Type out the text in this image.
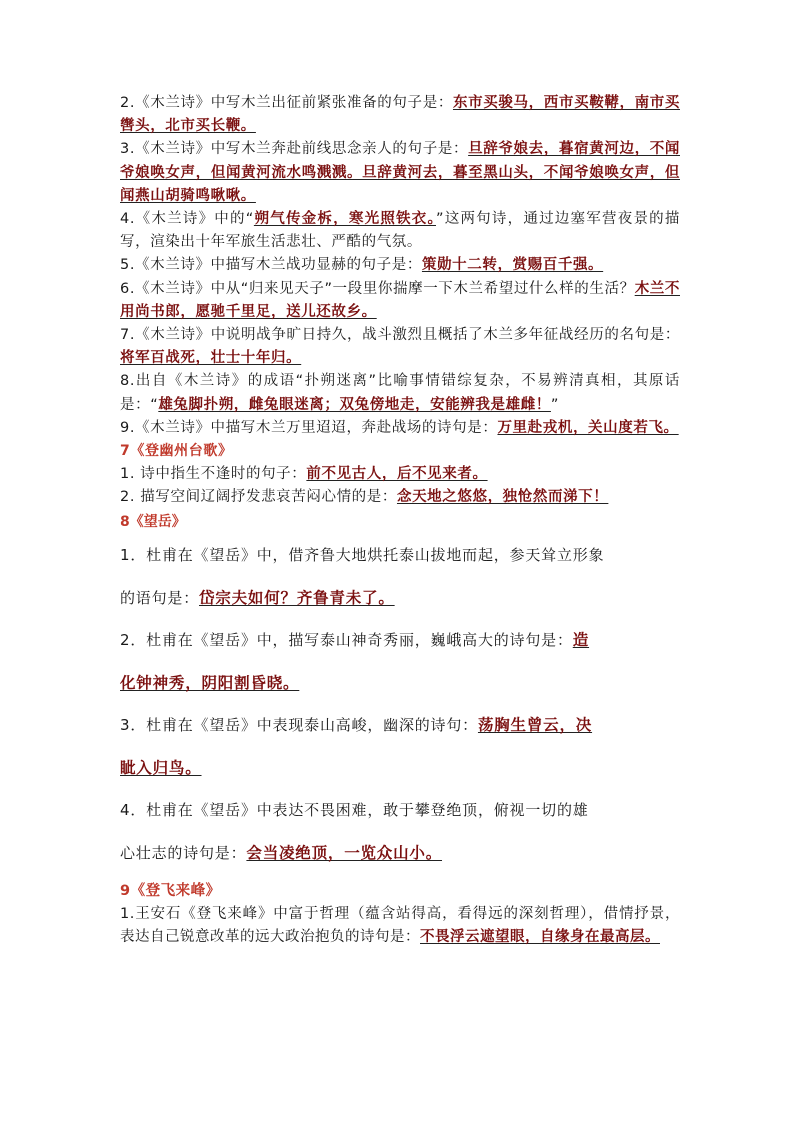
2.《木兰诗》中写木兰出征前紧张准备的句子是：东市买骏马，西市买鞍鞯，南市买辔头，北市买长鞭。

3.《木兰诗》中写木兰奔赴前线思念亲人的句子是：旦辞爷娘去，暮宿黄河边，不闻爷娘唤女声，但闻黄河流水鸣溅溅。旦辞黄河去，暮至黑山头，不闻爷娘唤女声，但闻燕山胡骑鸣啾啾。

4.《木兰诗》中的“朔气传金柝，寒光照铁衣。”这两句诗，通过边塞军营夜景的描写，渲染出十年军旅生活悲壮、严酷的气氛。

5.《木兰诗》中描写木兰战功显赫的句子是：策勋十二转，赏赐百千强。

6.《木兰诗》中从“归来见天子”一段里你揣摩一下木兰希望过什么样的生活？木兰不用尚书郎，愿驰千里足，送儿还故乡。

7.《木兰诗》中说明战争旷日持久，战斗激烈且概括了木兰多年征战经历的名句是：将军百战死，壮士十年归。

8.出自《木兰诗》的成语“扑朔迷离”比喻事情错综复杂，不易辨清真相，其原话是：“雄兔脚扑朔，雌兔眼迷离；双兔傍地走，安能辨我是雄雌！”

9.《木兰诗》中描写木兰万里迢迢，奔赴战场的诗句是：万里赴戎机，关山度若飞。

7《登幽州台歌》

1. 诗中指生不逢时的句子：前不见古人，后不见来者。

2. 描写空间辽阔抒发悲哀苦闷心情的是：念天地之悠悠，独怆然而涕下！

8《望岳》

1．杜甫在《望岳》中，借齐鲁大地烘托泰山拔地而起，参天耸立形象

的语句是：岱宗夫如何？齐鲁青未了。

2．杜甫在《望岳》中，描写泰山神奇秀丽，巍峨高大的诗句是：造

化钟神秀，阴阳割昏晓。

3．杜甫在《望岳》中表现泰山高峻，幽深的诗句：荡胸生曾云，决

眦入归鸟。

4．杜甫在《望岳》中表达不畏困难，敢于攀登绝顶，俯视一切的雄

心壮志的诗句是：会当凌绝顶，一览众山小。

9《登飞来峰》

1.王安石《登飞来峰》中富于哲理（蕴含站得高，看得远的深刻哲理），借情抒景，表达自己锐意改革的远大政治抱负的诗句是：不畏浮云遮望眼，自缘身在最高层。
